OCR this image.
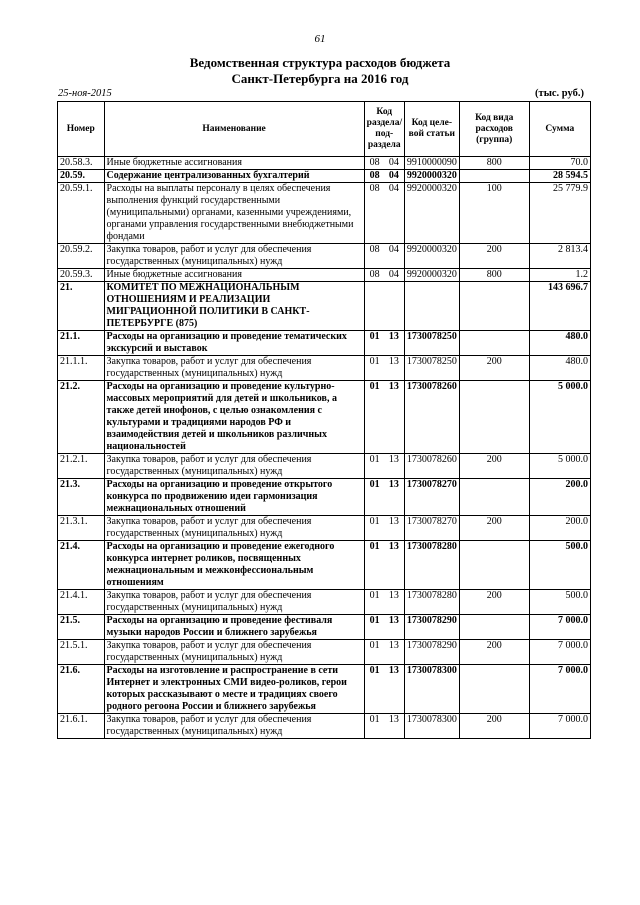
61
Ведомственная структура расходов бюджета
Санкт-Петербурга на 2016 год
25-ноя-2015	(тыс. руб.)
Номер	Наименование	Код раздела/ под-раздела	Код целе-вой статьи	Код вида расходов (группа)	Сумма
20.58.3.	Иные бюджетные ассигнования	08 04	9910000090	800	70.0
20.59.	Содержание централизованных бухгалтерий	08 04	9920000320		28 594.5
20.59.1.	Расходы на выплаты персоналу в целях обеспечения выполнения функций государственными (муниципальными) органами, казенными учреждениями, органами управления государственными внебюджетными фондами	08 04	9920000320	100	25 779.9
20.59.2.	Закупка товаров, работ и услуг для обеспечения государственных (муниципальных) нужд	08 04	9920000320	200	2 813.4
20.59.3.	Иные бюджетные ассигнования	08 04	9920000320	800	1.2
21.	КОМИТЕТ ПО МЕЖНАЦИОНАЛЬНЫМ ОТНОШЕНИЯМ И РЕАЛИЗАЦИИ МИГРАЦИОННОЙ ПОЛИТИКИ В САНКТ-ПЕТЕРБУРГЕ (875)				143 696.7
21.1.	Расходы на организацию и проведение тематических экскурсий и выставок	01 13	1730078250		480.0
21.1.1.	Закупка товаров, работ и услуг для обеспечения государственных (муниципальных) нужд	01 13	1730078250	200	480.0
21.2.	Расходы на организацию и проведение культурно-массовых мероприятий для детей и школьников, а также детей инофонов, с целью ознакомления с культурами и традициями народов РФ и взаимодействия детей и школьников различных национальностей	01 13	1730078260		5 000.0
21.2.1.	Закупка товаров, работ и услуг для обеспечения государственных (муниципальных) нужд	01 13	1730078260	200	5 000.0
21.3.	Расходы на организацию и проведение открытого конкурса по продвижению идеи гармонизация межнациональных отношений	01 13	1730078270		200.0
21.3.1.	Закупка товаров, работ и услуг для обеспечения государственных (муниципальных) нужд	01 13	1730078270	200	200.0
21.4.	Расходы на организацию и проведение ежегодного конкурса интернет роликов, посвященных межнациональным и межконфессиональным отношениям	01 13	1730078280		500.0
21.4.1.	Закупка товаров, работ и услуг для обеспечения государственных (муниципальных) нужд	01 13	1730078280	200	500.0
21.5.	Расходы на организацию и проведение фестиваля музыки народов России и ближнего зарубежья	01 13	1730078290		7 000.0
21.5.1.	Закупка товаров, работ и услуг для обеспечения государственных (муниципальных) нужд	01 13	1730078290	200	7 000.0
21.6.	Расходы на изготовление и распространение в сети Интернет и электронных СМИ видео-роликов, герои которых рассказывают о месте и традициях своего родного регоона России и ближнего зарубежья	01 13	1730078300		7 000.0
21.6.1.	Закупка товаров, работ и услуг для обеспечения государственных (муниципальных) нужд	01 13	1730078300	200	7 000.0
